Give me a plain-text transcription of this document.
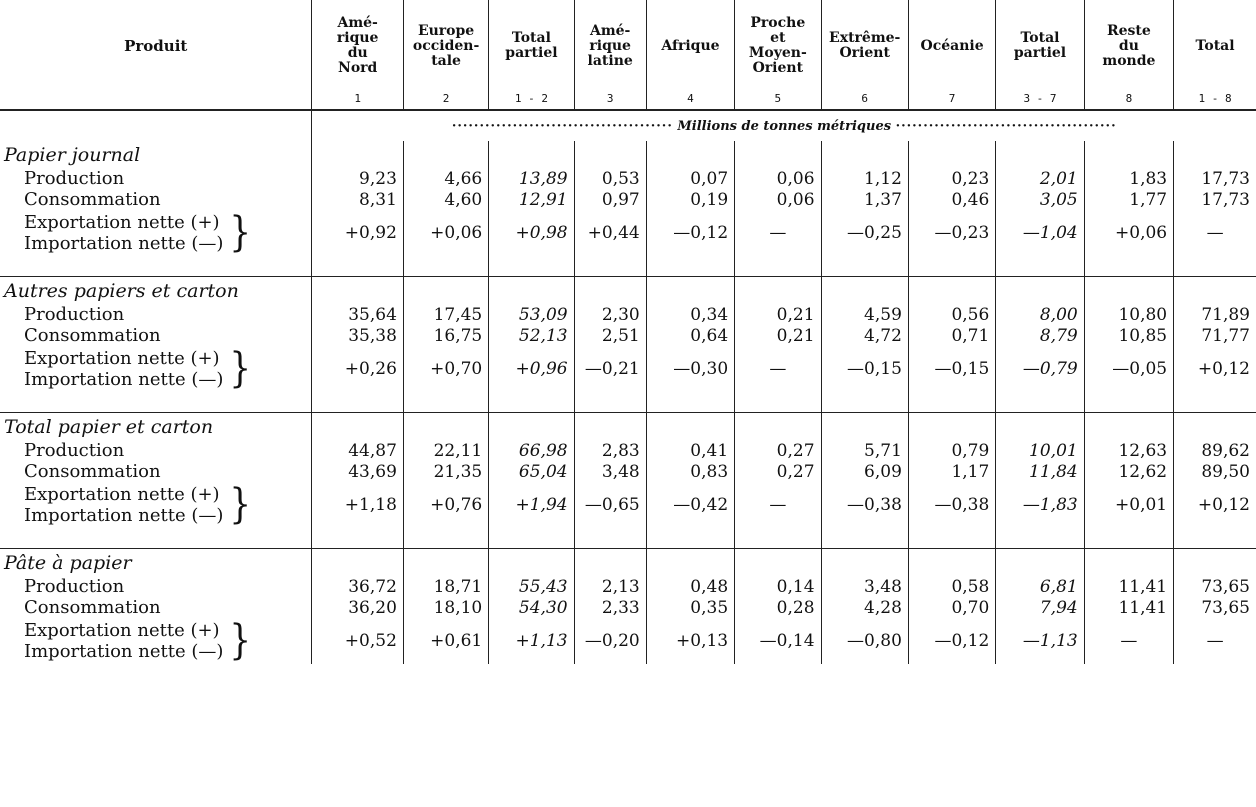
Produit	Amé-
rique
du
Nord	Europe
occiden-
tale	Total
partiel	Amé-
rique
latine	Afrique	Proche
et
Moyen-
Orient	Extrême-
Orient	Océanie	Total
partiel	Reste
du
monde	Total
	1	2	1 - 2	3	4	5	6	7	3 - 7	8	1 - 8
	········································ Millions de tonnes métriques ········································										
Papier journal											
Production	9,23	4,66	13,89	0,53	0,07	0,06	1,12	0,23	2,01	1,83	17,73
Consommation	8,31	4,60	12,91	0,97	0,19	0,06	1,37	0,46	3,05	1,77	17,73
Exportation nette (+)
Importation nette (—) }	+0,92	+0,06	+0,98	+0,44	—0,12	—	—0,25	—0,23	—1,04	+0,06	—

Autres papiers et carton											
Production	35,64	17,45	53,09	2,30	0,34	0,21	4,59	0,56	8,00	10,80	71,89
Consommation	35,38	16,75	52,13	2,51	0,64	0,21	4,72	0,71	8,79	10,85	71,77
Exportation nette (+)
Importation nette (—) }	+0,26	+0,70	+0,96	—0,21	—0,30	—	—0,15	—0,15	—0,79	—0,05	+0,12

Total papier et carton											
Production	44,87	22,11	66,98	2,83	0,41	0,27	5,71	0,79	10,01	12,63	89,62
Consommation	43,69	21,35	65,04	3,48	0,83	0,27	6,09	1,17	11,84	12,62	89,50
Exportation nette (+)
Importation nette (—) }	+1,18	+0,76	+1,94	—0,65	—0,42	—	—0,38	—0,38	—1,83	+0,01	+0,12

Pâte à papier											
Production	36,72	18,71	55,43	2,13	0,48	0,14	3,48	0,58	6,81	11,41	73,65
Consommation	36,20	18,10	54,30	2,33	0,35	0,28	4,28	0,70	7,94	11,41	73,65
Exportation nette (+)
Importation nette (—) }	+0,52	+0,61	+1,13	—0,20	+0,13	—0,14	—0,80	—0,12	—1,13	—	—
